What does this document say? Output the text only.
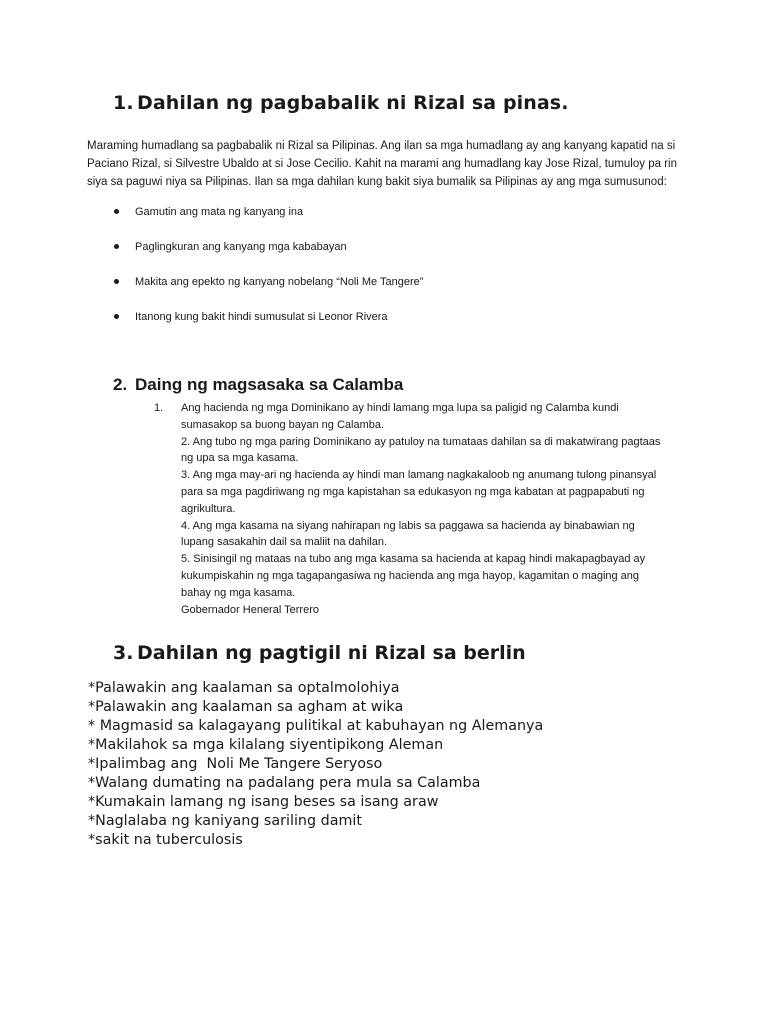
1. Dahilan ng pagbabalik ni Rizal sa pinas.
Maraming humadlang sa pagbabalik ni Rizal sa Pilipinas. Ang ilan sa mga humadlang ay ang kanyang kapatid na si
Paciano Rizal, si Silvestre Ubaldo at si Jose Cecilio. Kahit na marami ang humadlang kay Jose Rizal, tumuloy pa rin
siya sa paguwi niya sa Pilipinas. Ilan sa mga dahilan kung bakit siya bumalik sa Pilipinas ay ang mga sumusunod:
Gamutin ang mata ng kanyang ina
Paglingkuran ang kanyang mga kababayan
Makita ang epekto ng kanyang nobelang “Noli Me Tangere”
Itanong kung bakit hindi sumusulat si Leonor Rivera
2. Daing ng magsasaka sa Calamba
1. Ang hacienda ng mga Dominikano ay hindi lamang mga lupa sa paligid ng Calamba kundi
sumasakop sa buong bayan ng Calamba.
2. Ang tubo ng mga paring Dominikano ay patuloy na tumataas dahilan sa di makatwirang pagtaas
ng upa sa mga kasama.
3. Ang mga may-ari ng hacienda ay hindi man lamang nagkakaloob ng anumang tulong pinansyal
para sa mga pagdiriwang ng mga kapistahan sa edukasyon ng mga kabatan at pagpapabuti ng
agrikultura.
4. Ang mga kasama na siyang nahirapan ng labis sa paggawa sa hacienda ay binabawian ng
lupang sasakahin dail sa maliit na dahilan.
5. Sinisingil ng mataas na tubo ang mga kasama sa hacienda at kapag hindi makapagbayad ay
kukumpiskahin ng mga tagapangasiwa ng hacienda ang mga hayop, kagamitan o maging ang
bahay ng mga kasama.
Gobernador Heneral Terrero
3. Dahilan ng pagtigil ni Rizal sa berlin
*Palawakin ang kaalaman sa optalmolohiya
*Palawakin ang kaalaman sa agham at wika
* Magmasid sa kalagayang pulitikal at kabuhayan ng Alemanya
*Makilahok sa mga kilalang siyentipikong Aleman
*Ipalimbag ang  Noli Me Tangere Seryoso
*Walang dumating na padalang pera mula sa Calamba
*Kumakain lamang ng isang beses sa isang araw
*Naglalaba ng kaniyang sariling damit
*sakit na tuberculosis
